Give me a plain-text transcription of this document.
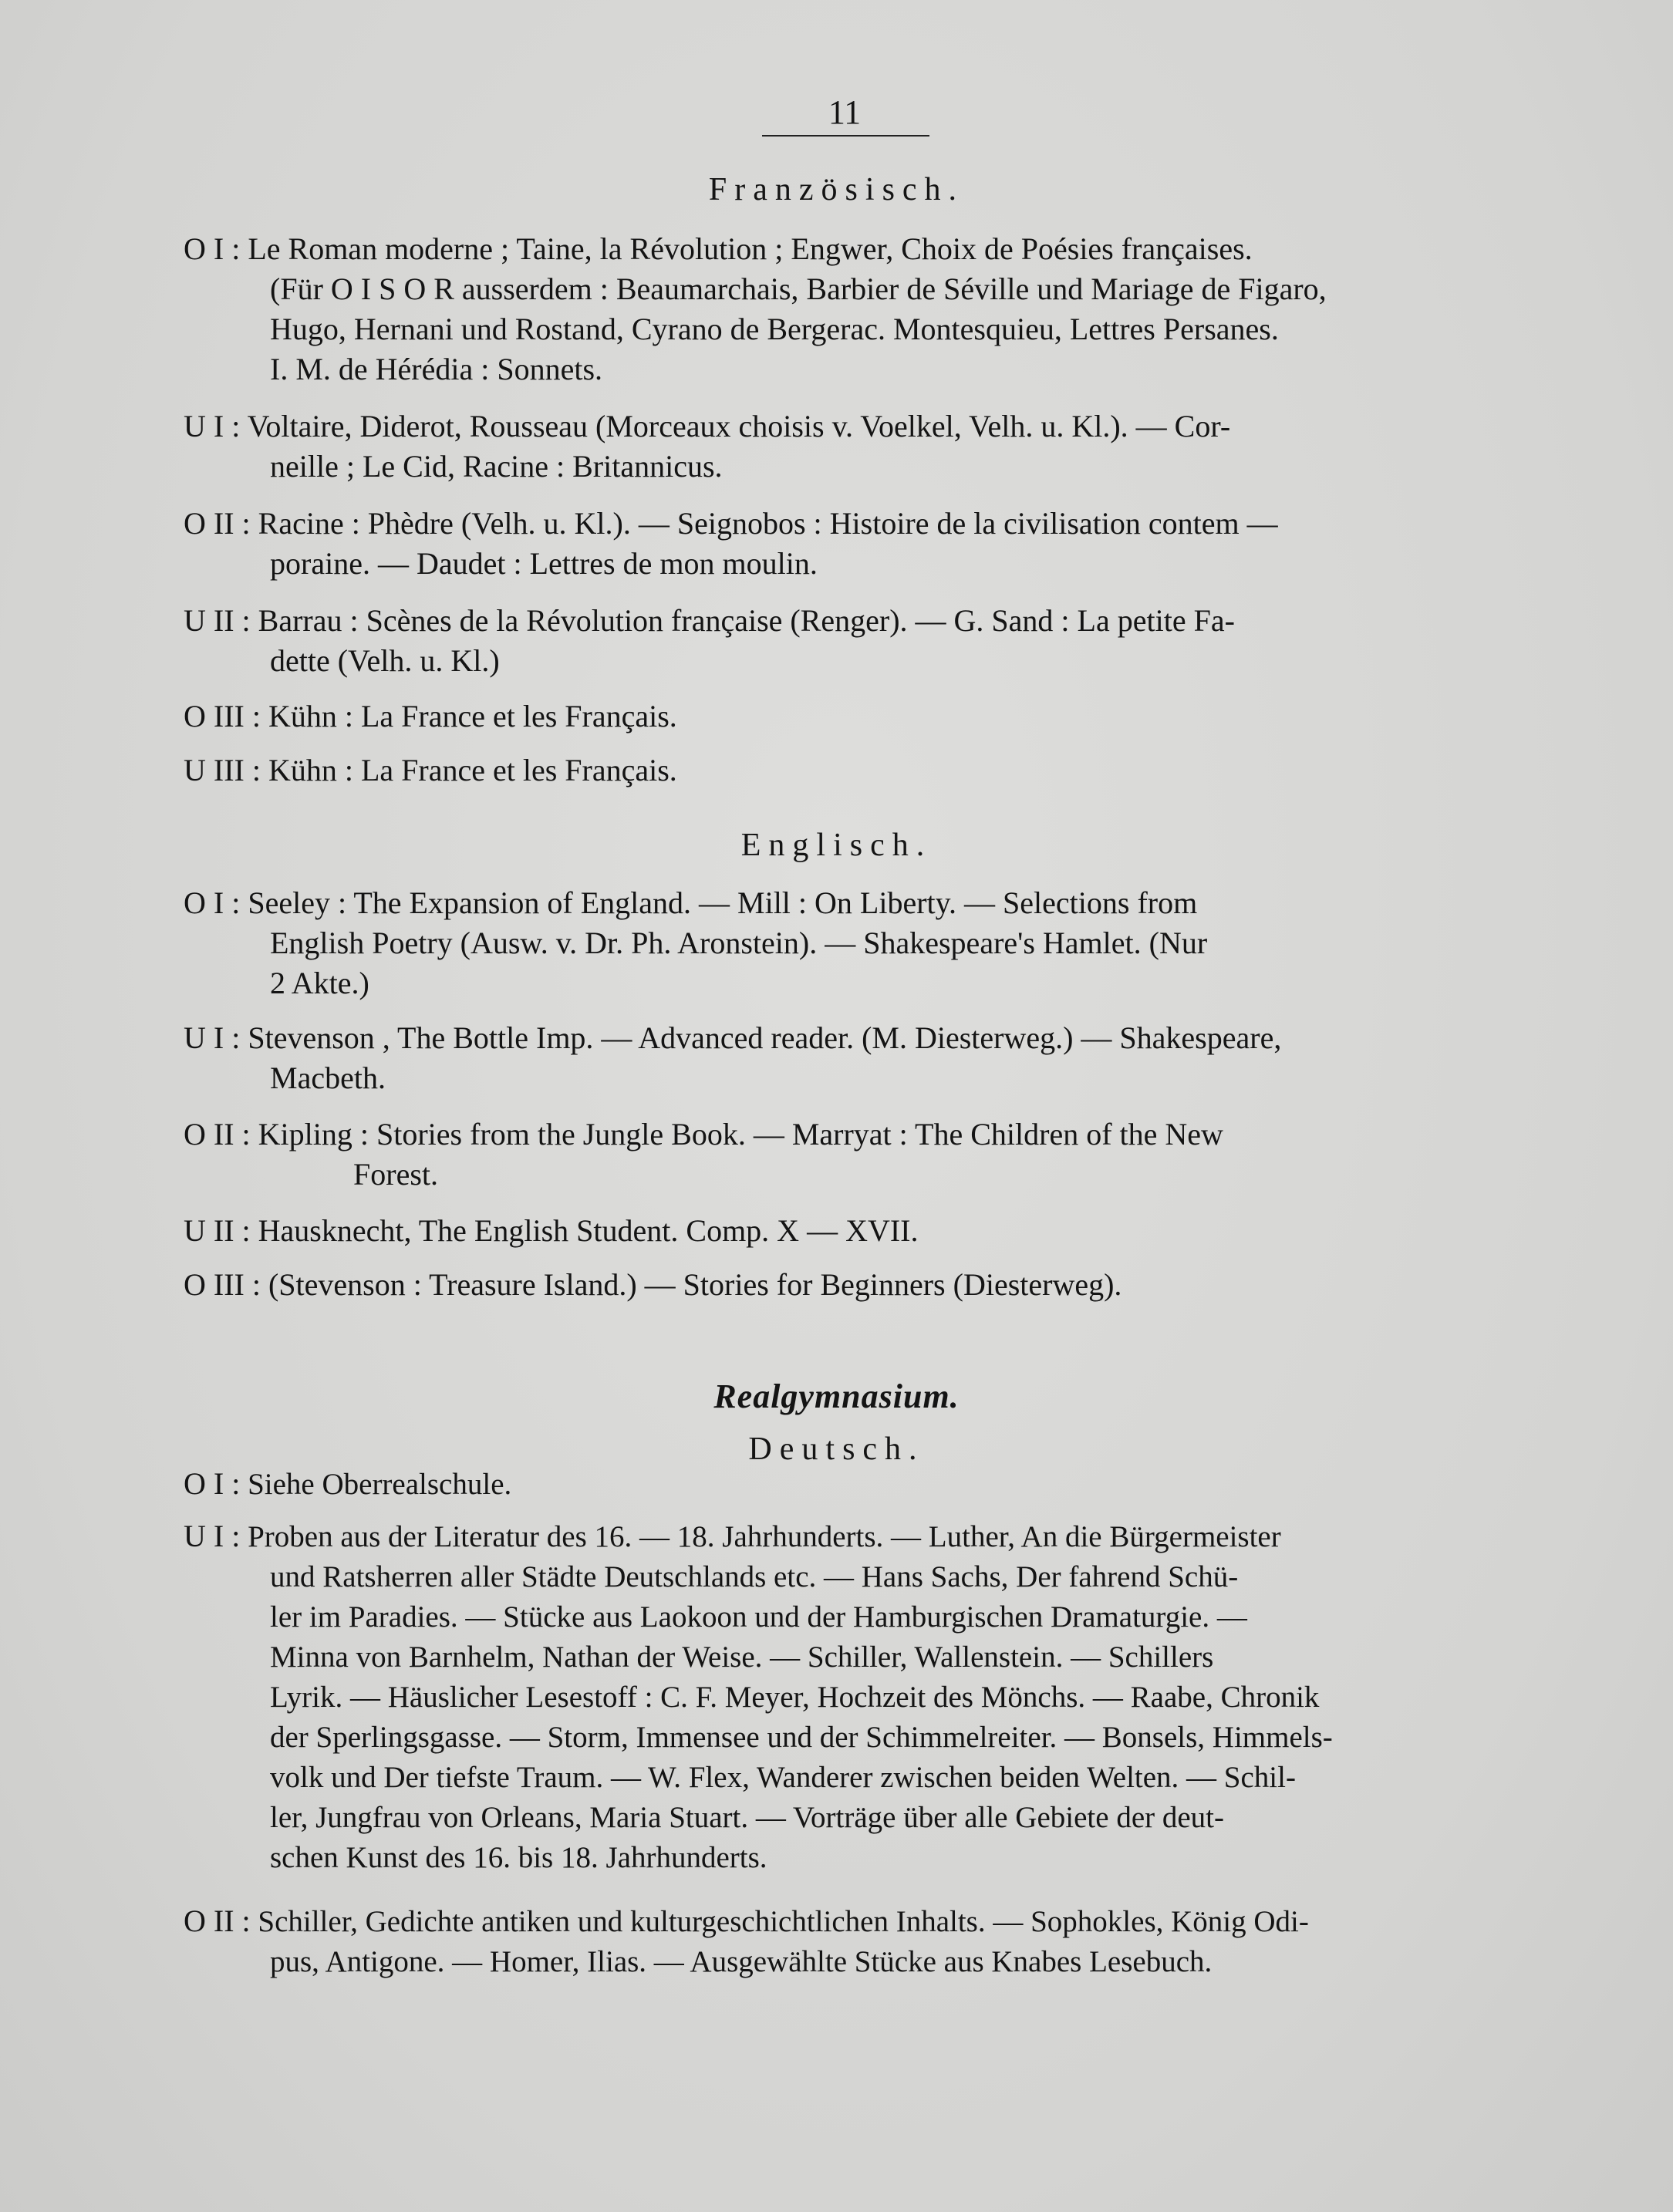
11
Französisch.
O I : Le Roman moderne ; Taine, la Révolution ; Engwer, Choix de Poésies françaises.
(Für O I S O R ausserdem : Beaumarchais, Barbier de Séville und Mariage de Figaro,
Hugo, Hernani und Rostand, Cyrano de Bergerac. Montesquieu, Lettres Persanes.
I. M. de Hérédia : Sonnets.
U I : Voltaire, Diderot, Rousseau (Morceaux choisis v. Voelkel, Velh. u. Kl.). — Cor-
neille ; Le Cid, Racine : Britannicus.
O II : Racine : Phèdre (Velh. u. Kl.). — Seignobos : Histoire de la civilisation contem —
poraine. — Daudet : Lettres de mon moulin.
U II : Barrau : Scènes de la Révolution française (Renger). — G. Sand : La petite Fa-
dette (Velh. u. Kl.)
O III : Kühn : La France et les Français.
U III : Kühn : La France et les Français.
Englisch.
O I : Seeley : The Expansion of England. — Mill : On Liberty. — Selections from
English Poetry (Ausw. v. Dr. Ph. Aronstein). — Shakespeare's Hamlet. (Nur
2 Akte.)
U I : Stevenson , The Bottle Imp. — Advanced reader. (M. Diesterweg.) — Shakespeare,
Macbeth.
O II : Kipling : Stories from the Jungle Book. — Marryat : The Children of the New
Forest.
U II : Hausknecht, The English Student. Comp. X — XVII.
O III : (Stevenson : Treasure Island.) — Stories for Beginners (Diesterweg).
Realgymnasium.
Deutsch.
O I : Siehe Oberrealschule.
U I : Proben aus der Literatur des 16. — 18. Jahrhunderts. — Luther, An die Bürgermeister
und Ratsherren aller Städte Deutschlands etc. — Hans Sachs, Der fahrend Schü-
ler im Paradies. — Stücke aus Laokoon und der Hamburgischen Dramaturgie. —
Minna von Barnhelm, Nathan der Weise. — Schiller, Wallenstein. — Schillers
Lyrik. — Häuslicher Lesestoff : C. F. Meyer, Hochzeit des Mönchs. — Raabe, Chronik
der Sperlingsgasse. — Storm, Immensee und der Schimmelreiter. — Bonsels, Himmels-
volk und Der tiefste Traum. — W. Flex, Wanderer zwischen beiden Welten. — Schil-
ler, Jungfrau von Orleans, Maria Stuart. — Vorträge über alle Gebiete der deut-
schen Kunst des 16. bis 18. Jahrhunderts.
O II : Schiller, Gedichte antiken und kulturgeschichtlichen Inhalts. — Sophokles, König Odi-
pus, Antigone. — Homer, Ilias. — Ausgewählte Stücke aus Knabes Lesebuch.
